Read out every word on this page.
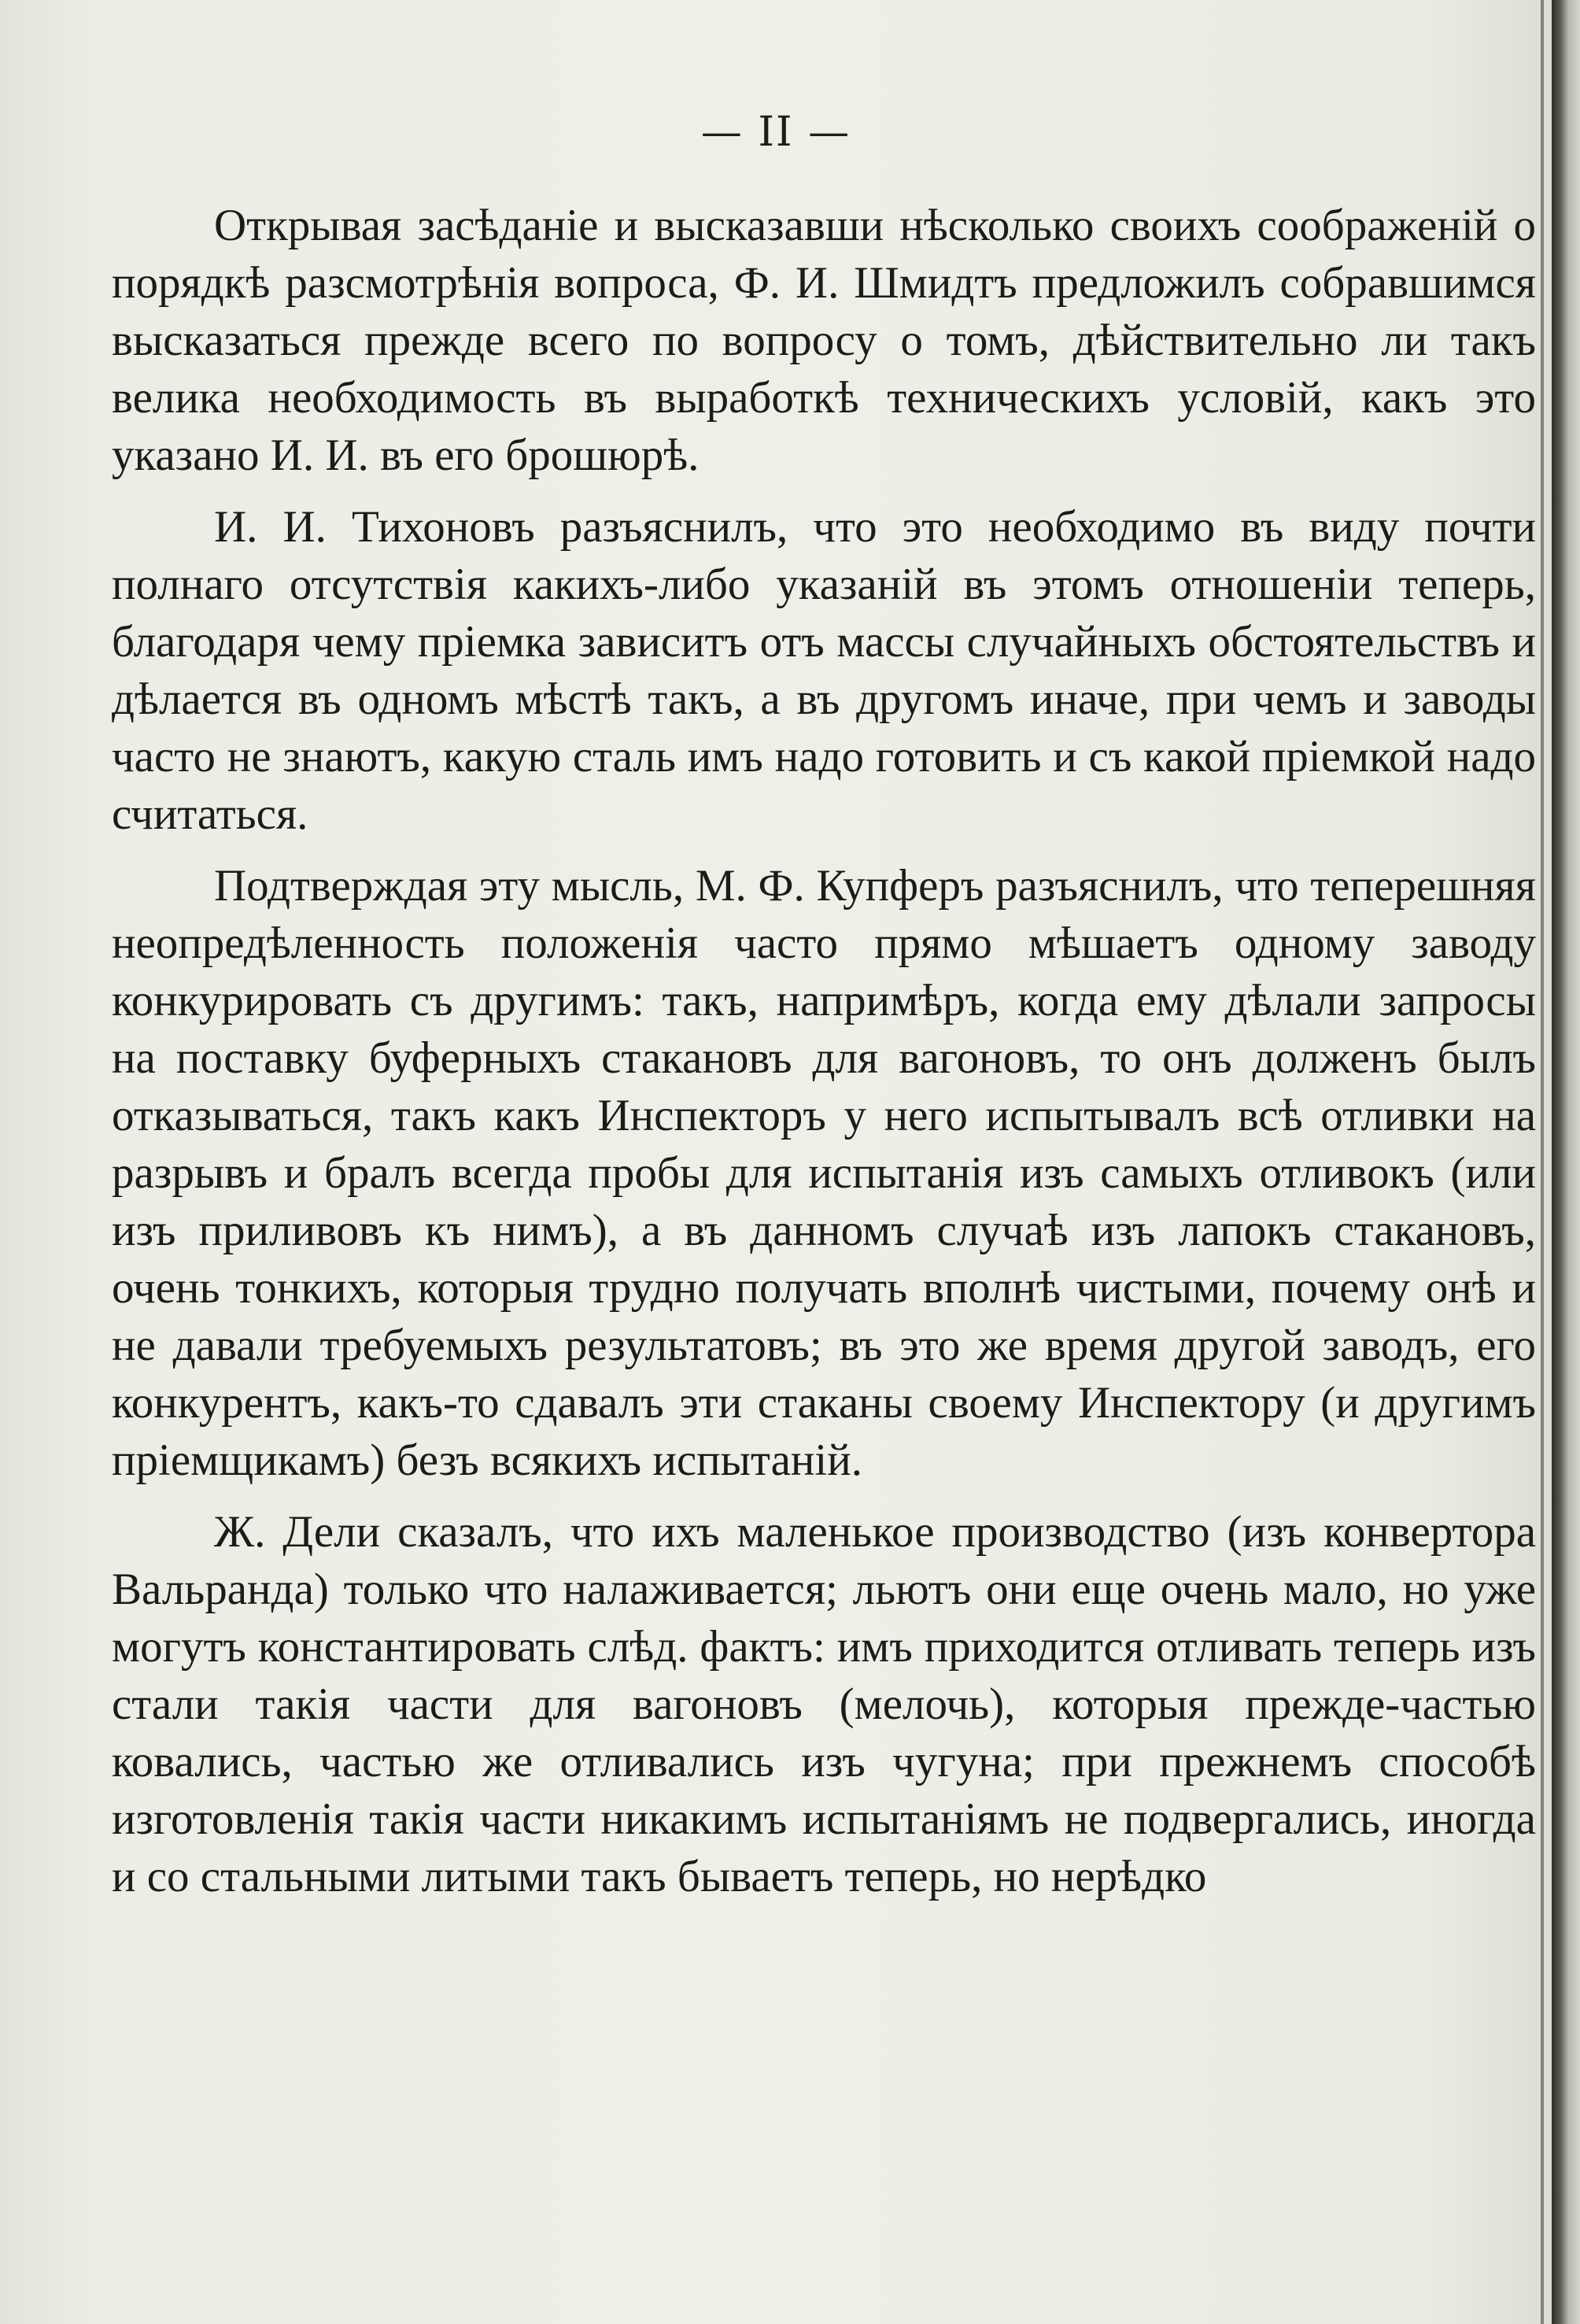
— II —

Открывая засѣданіе и высказавши нѣсколько своихъ соображеній о порядкѣ разсмотрѣнія вопроса, Ф. И. Шмидтъ предложилъ собравшимся высказаться прежде всего по вопросу о томъ, дѣйствительно ли такъ велика необходимость въ выработкѣ техническихъ условій, какъ это указано И. И. въ его брошюрѣ.

И. И. Тихоновъ разъяснилъ, что это необходимо въ виду почти полнаго отсутствія какихъ-либо указаній въ этомъ отношеніи теперь, благодаря чему пріемка зависитъ отъ массы случайныхъ обстоятельствъ и дѣлается въ одномъ мѣстѣ такъ, а въ другомъ иначе, при чемъ и заводы часто не знаютъ, какую сталь имъ надо готовить и съ какой пріемкой надо считаться.

Подтверждая эту мысль, М. Ф. Купферъ разъяснилъ, что теперешняя неопредѣленность положенія часто прямо мѣшаетъ одному заводу конкурировать съ другимъ: такъ, напримѣръ, когда ему дѣлали запросы на поставку буферныхъ стакановъ для вагоновъ, то онъ долженъ былъ отказываться, такъ какъ Инспекторъ у него испытывалъ всѣ отливки на разрывъ и бралъ всегда пробы для испытанія изъ самыхъ отливокъ (или изъ приливовъ къ нимъ), а въ данномъ случаѣ изъ лапокъ стакановъ, очень тонкихъ, которыя трудно получать вполнѣ чистыми, почему онѣ и не давали требуемыхъ результатовъ; въ это же время другой заводъ, его конкурентъ, какъ-то сдавалъ эти стаканы своему Инспектору (и другимъ пріемщикамъ) безъ всякихъ испытаній.

Ж. Дели сказалъ, что ихъ маленькое производство (изъ конвертора Вальранда) только что налаживается; льютъ они еще очень мало, но уже могутъ константировать слѣд. фактъ: имъ приходится отливать теперь изъ стали такія части для вагоновъ (мелочь), которыя прежде-частью ковались, частью же отливались изъ чугуна; при прежнемъ способѣ изготовленія такія части никакимъ испытаніямъ не подвергались, иногда и со стальными литыми такъ бываетъ теперь, но нерѣдко
